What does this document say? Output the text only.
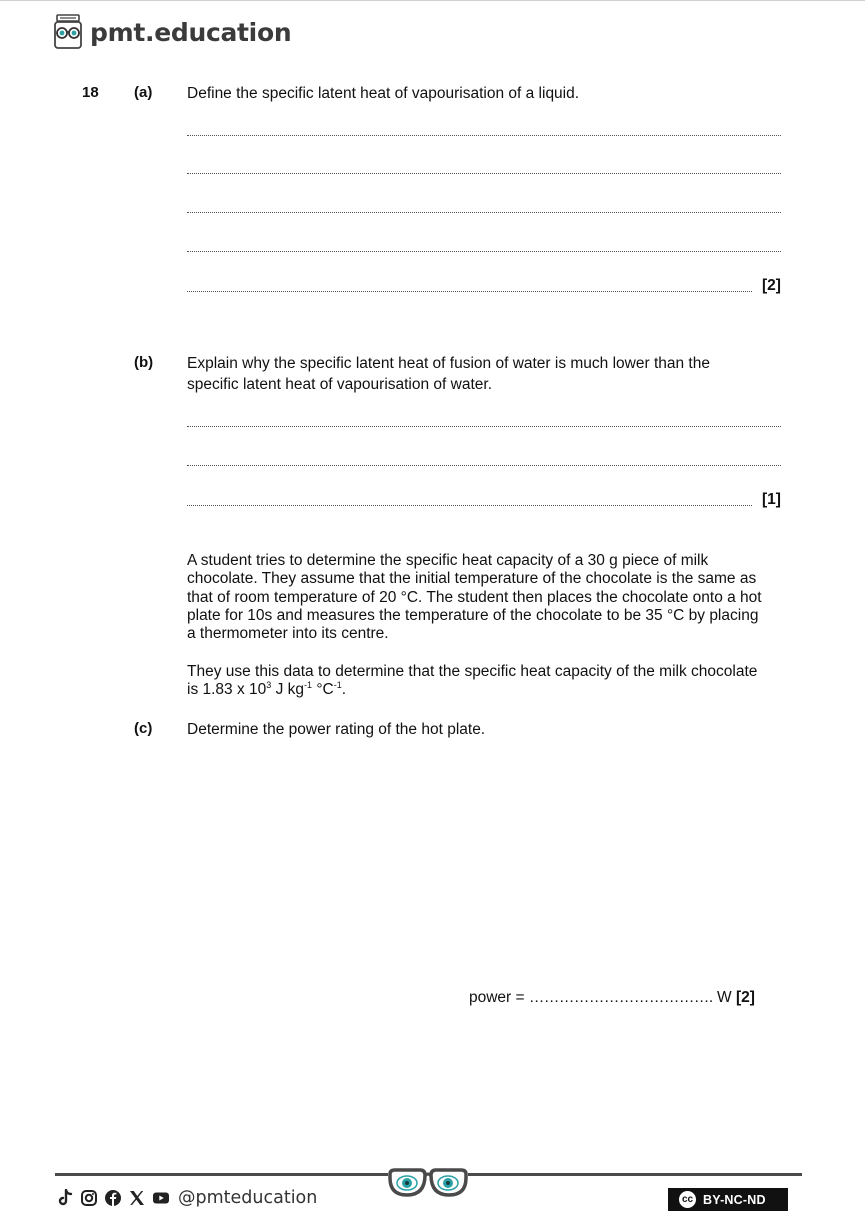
pmt.education
18 (a) Define the specific latent heat of vapourisation of a liquid.
[2]
(b) Explain why the specific latent heat of fusion of water is much lower than the
specific latent heat of vapourisation of water.
[1]
A student tries to determine the specific heat capacity of a 30 g piece of milk
chocolate. They assume that the initial temperature of the chocolate is the same as
that of room temperature of 20 °C. The student then places the chocolate onto a hot
plate for 10s and measures the temperature of the chocolate to be 35 °C by placing
a thermometer into its centre.
They use this data to determine that the specific heat capacity of the milk chocolate
is 1.83 x $10^3$ J $kg^{-1}$ $^\circ C^{-1}$.
(c) Determine the power rating of the hot plate.
power = ………………………………. W [2]
@pmteducation	cc BY-NC-ND
